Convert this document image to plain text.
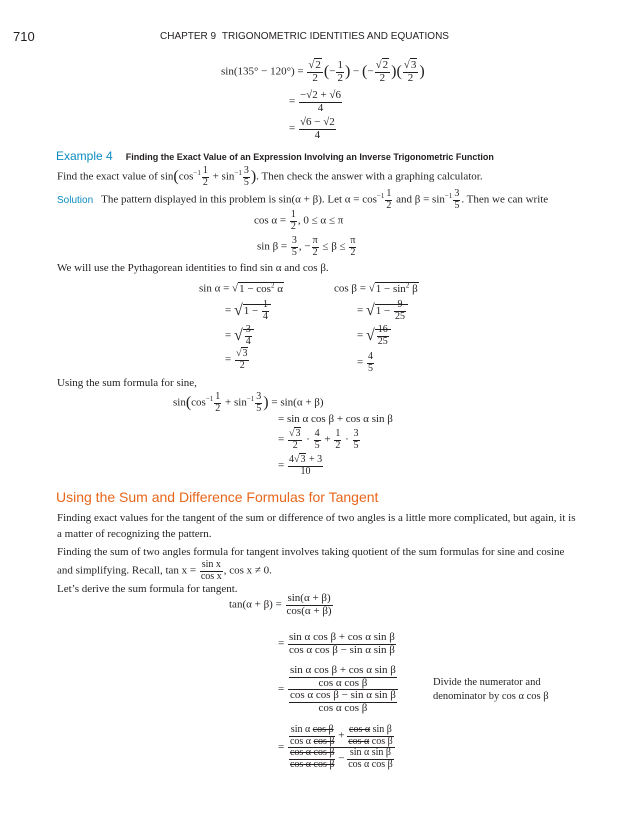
710	CHAPTER 9 TRIGONOMETRIC IDENTITIES AND EQUATIONS
$\sin(135^\circ - 120^\circ) = \frac{√2}{2}$ (− $\frac{1}{2}$ ) − (− $\frac{√2}{2}$ )( $\frac{√3}{2}$ )
= $\frac{-√2 + √6}{4}$
= $\frac{√6 - √2}{4}$
Example 4 Finding the Exact Value of an Expression Involving an Inverse Trigonometric Function
Find the exact value of $\sin(\cos^{-1} \frac{1}{2} + \sin^{-1} \frac{3}{5}$ ). Then check the answer with a graphing calculator.
Solution The pattern displayed in this problem is sin(α + β). Let $\alpha = \cos^{-1} \frac{1}{2}$ and $\beta = \sin^{-1} \frac{3}{5}$ . Then we can write
$\cos \alpha = \frac{1}{2}$ , 0 ≤ α ≤ π
$\sin \beta = \frac{3}{5}$ , − $\frac{\pi}{2} \le \beta \le \frac{\pi}{2}$
We will use the Pythagorean identities to find sin α and cos β.
$\sin \alpha = √1 - \cos^2 \alpha$
= $√1 - \frac{1}{4}$
= √ $\frac{3}{4}$
= $\frac{√3}{2}$
$\cos \beta = √1 - \sin^2 \beta$
= $√1 - \frac{9}{25}$
= √ $\frac{16}{25}$
= $\frac{4}{5}$
Using the sum formula for sine,
$\sin(\cos^{-1} \frac{1}{2} + \sin^{-1} \frac{3}{5}$ ) = sin(α + β)
= sin α cos β + cos α sin β
= $\frac{√3}{2} \cdot \frac{4}{5} + \frac{1}{2} \cdot \frac{3}{5}$
= $\frac{4√3 + 3}{10}$
Using the Sum and Difference Formulas for Tangent

Finding exact values for the tangent of the sum or difference of two angles is a little more complicated, but again, it is a matter of recognizing the pattern.

Finding the sum of two angles formula for tangent involves taking quotient of the sum formulas for sine and cosine and simplifying. Recall, $\tan x = \frac{\text{sin x}}{\text{cos x}}$ , cos x ≠ 0.
Let’s derive the sum formula for tangent.
$\tan(\alpha + \beta) = \frac{\sin(\alpha + \beta)}{\cos(\alpha + \beta)}$
= $\frac{\text{sin α cos β + cos α sin β}}{\text{cos α cos β − sin α sin β}}$
= $\frac{\frac{\text{sin α cos β + cos α sin β}}{\text{cos α cos β}}}{\frac{\text{cos α cos β − sin α sin β}}{\text{cos α cos β}}}$	Divide the numerator and
denominator by cos α cos β
= $\frac{\frac{\text{sin α cos β}}{\text{cos α cos β}} + \frac{\text{cos α sin β}}{\text{cos α cos β}}}{\frac{\text{cos α cos β}}{\text{cos α cos β}} - \frac{\text{sin α sin β}}{\text{cos α cos β}}}$
